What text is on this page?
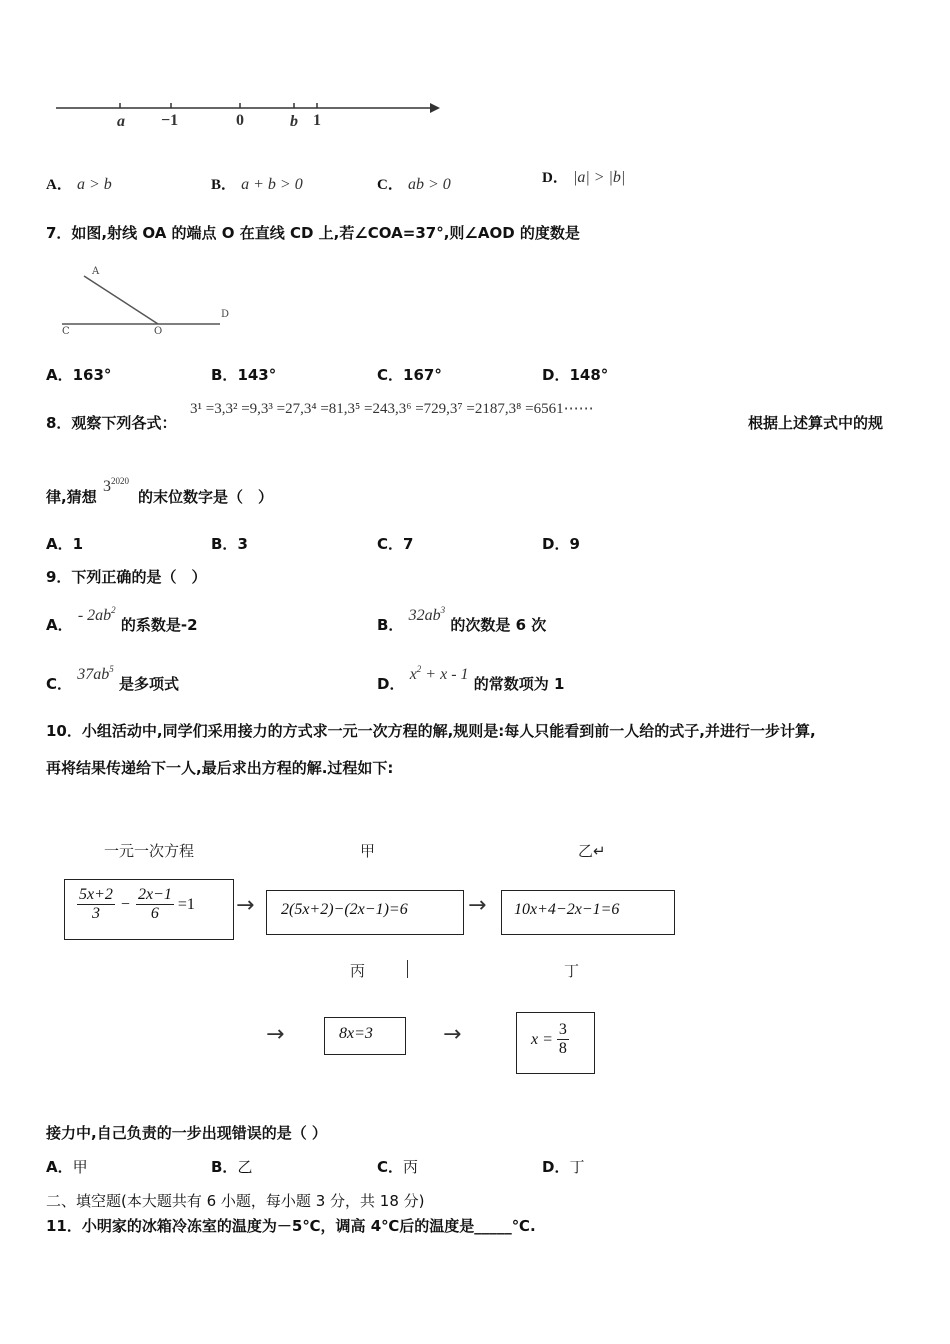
a −1	0	b 1
A． a > b	B． a + b > 0	C． ab > 0	D． |a| > |b|
7．如图,射线 OA 的端点 O 在直线 CD 上,若∠COA=37°,则∠AOD 的度数是
A
C	O
D
A．163°	B．143°	C．167°	D．148°
8．观察下列各式：
3¹ =3,3² =9,3³ =27,3⁴ =81,3⁵ =243,3⁶ =729,3⁷ =2187,3⁸ =6561⋯⋯
根据上述算式中的规
律,猜想
$3^{2020}$
的末位数字是（　）
A．1	B．3	C．7	D．9
9．下列正确的是（　）
A． - $2ab^2$ 的系数是-2	B． $32ab^3$ 的次数是 6 次
C． $37ab^5$ 是多项式	D． $x^2 + x - 1$ 的常数项为 1
10．小组活动中,同学们采用接力的方式求一元一次方程的解,规则是:每人只能看到前一人给的式子,并进行一步计算,
再将结果传递给下一人,最后求出方程的解.过程如下:
一元一次方程	甲	乙↵
$\frac{5x+2}{3} - \frac{2x-1}{6} =1 \to 2(5x+2)-(2x-1)=6$	→ 10x+4−2x−1=6
丙	丁
→	8x=3	→	$x = \frac{3}{8}$
接力中,自己负责的一步出现错误的是（ ）
A．甲	B．乙	C．丙	D．丁
二、填空题(本大题共有 6 小题，每小题 3 分，共 18 分)
11．小明家的冰箱冷冻室的温度为－5℃，调高 4℃后的温度是_____℃.
